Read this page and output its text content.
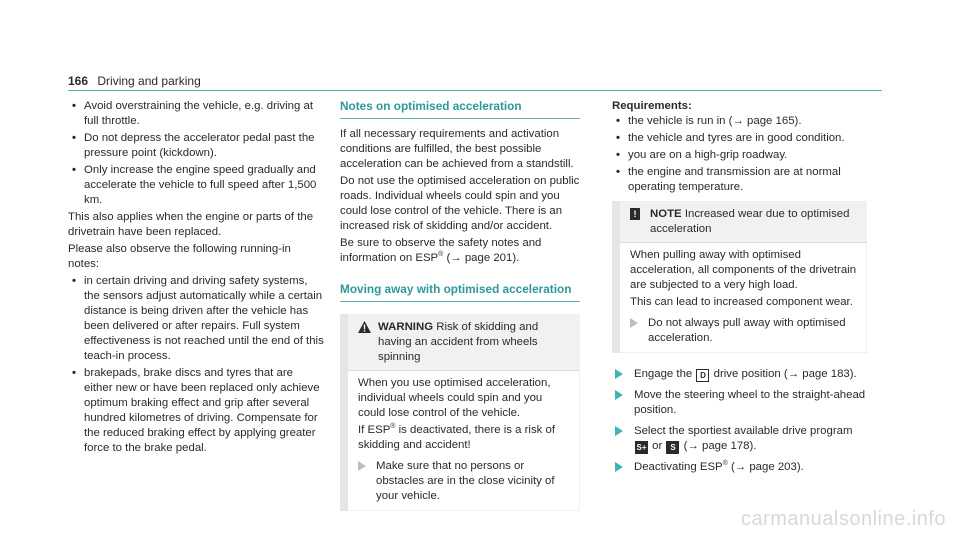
166 Driving and parking
• Avoid overstraining the vehicle, e.g. driving at full throttle.
• Do not depress the accelerator pedal past the pressure point (kickdown).
• Only increase the engine speed gradually and accelerate the vehicle to full speed after 1,500 km.

This also applies when the engine or parts of the drivetrain have been replaced.

Please also observe the following running-in notes:

• in certain driving and driving safety systems, the sensors adjust automatically while a certain distance is being driven after the vehicle has been delivered or after repairs. Full system effectiveness is not reached until the end of this teach-in process.
• brakepads, brake discs and tyres that are either new or have been replaced only achieve optimum braking effect and grip after several hundred kilometres of driving. Compensate for the reduced braking effect by applying greater force to the brake pedal.
Notes on optimised acceleration

If all necessary requirements and activation conditions are fulfilled, the best possible acceleration can be achieved from a standstill.

Do not use the optimised acceleration on public roads. Individual wheels could spin and you could lose control of the vehicle. There is an increased risk of skidding and/or accident.

Be sure to observe the safety notes and information on ESP® (→ page 201).

Moving away with optimised acceleration
WARNING Risk of skidding and having an accident from wheels spinning

When you use optimised acceleration, individual wheels could spin and you could lose control of the vehicle.

If ESP® is deactivated, there is a risk of skidding and accident!

Make sure that no persons or obstacles are in the close vicinity of your vehicle.
Requirements:
• the vehicle is run in (→ page 165).
• the vehicle and tyres are in good condition.
• you are on a high-grip roadway.
• the engine and transmission are at normal operating temperature.
!	NOTE Increased wear due to optimised acceleration

When pulling away with optimised acceleration, all components of the drivetrain are subjected to a very high load.

This can lead to increased component wear.

Do not always pull away with optimised acceleration.
Engage the D drive position (→ page 183).
Move the steering wheel to the straight-ahead position.
Select the sportiest available drive program
S+ or S (→ page 178).
Deactivating ESP® (→ page 203).
carmanualsonline.info
